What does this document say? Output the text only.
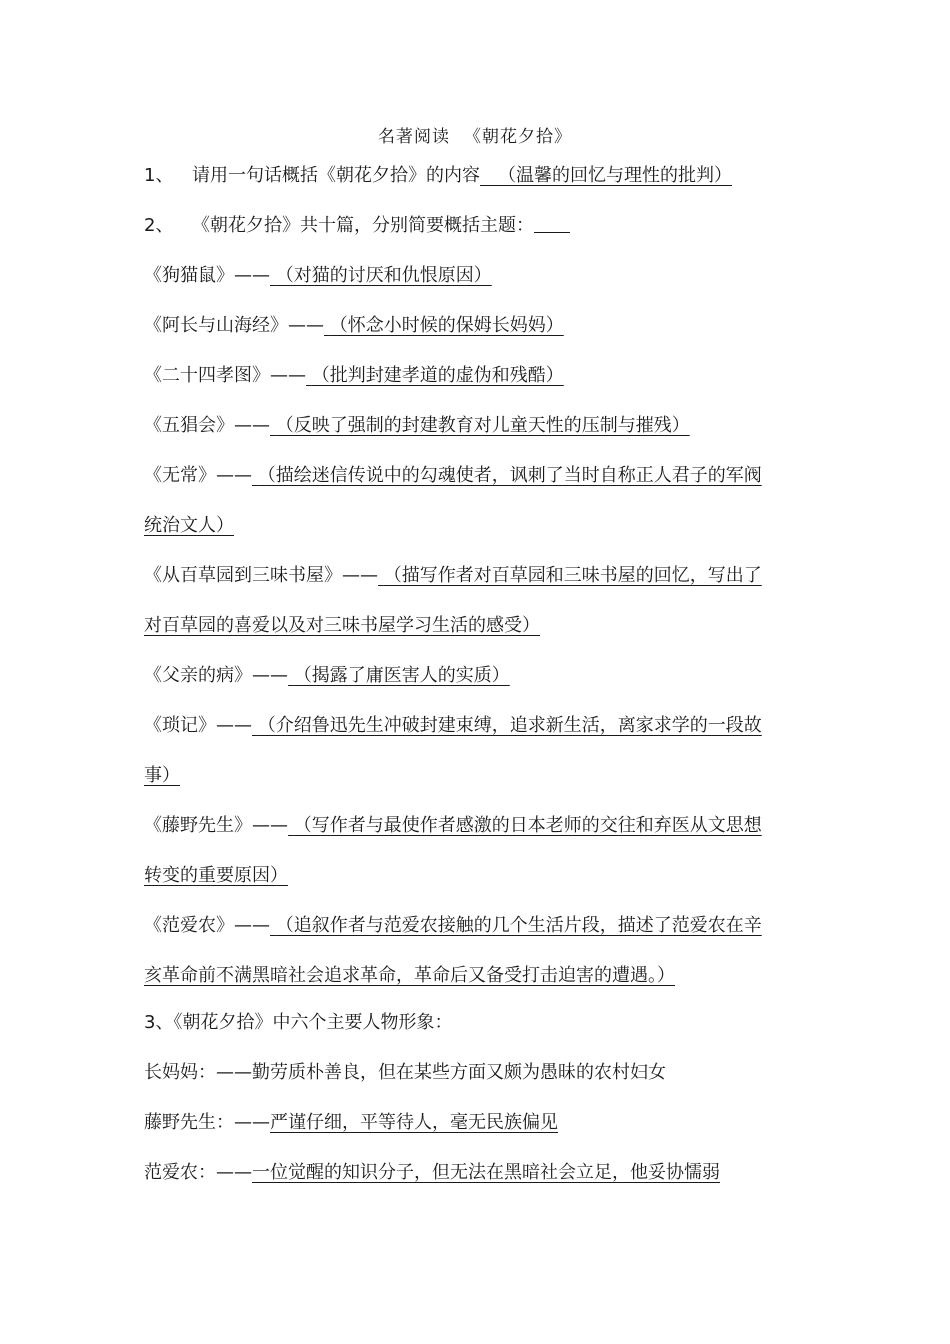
名著阅读 《朝花夕拾》
1、 请用一句话概括《朝花夕拾》的内容  （温馨的回忆与理性的批判）
2、 《朝花夕拾》共十篇，分别简要概括主题：
《狗猫鼠》—— （对猫的讨厌和仇恨原因）
《阿长与山海经》—— （怀念小时候的保姆长妈妈）
《二十四孝图》—— （批判封建孝道的虚伪和残酷）
《五猖会》—— （反映了强制的封建教育对儿童天性的压制与摧残）
《无常》—— （描绘迷信传说中的勾魂使者，讽刺了当时自称正人君子的军阀
统治文人）
《从百草园到三味书屋》—— （描写作者对百草园和三味书屋的回忆，写出了
对百草园的喜爱以及对三味书屋学习生活的感受）
《父亲的病》—— （揭露了庸医害人的实质）
《琐记》—— （介绍鲁迅先生冲破封建束缚，追求新生活，离家求学的一段故
事）
《藤野先生》—— （写作者与最使作者感激的日本老师的交往和弃医从文思想
转变的重要原因）
《范爱农》—— （追叙作者与范爱农接触的几个生活片段，描述了范爱农在辛
亥革命前不满黑暗社会追求革命，革命后又备受打击迫害的遭遇。）
3、《朝花夕拾》中六个主要人物形象：
长妈妈：——勤劳质朴善良，但在某些方面又颇为愚昧的农村妇女
藤野先生：——严谨仔细，平等待人，毫无民族偏见
范爱农：——一位觉醒的知识分子，但无法在黑暗社会立足，他妥协懦弱
